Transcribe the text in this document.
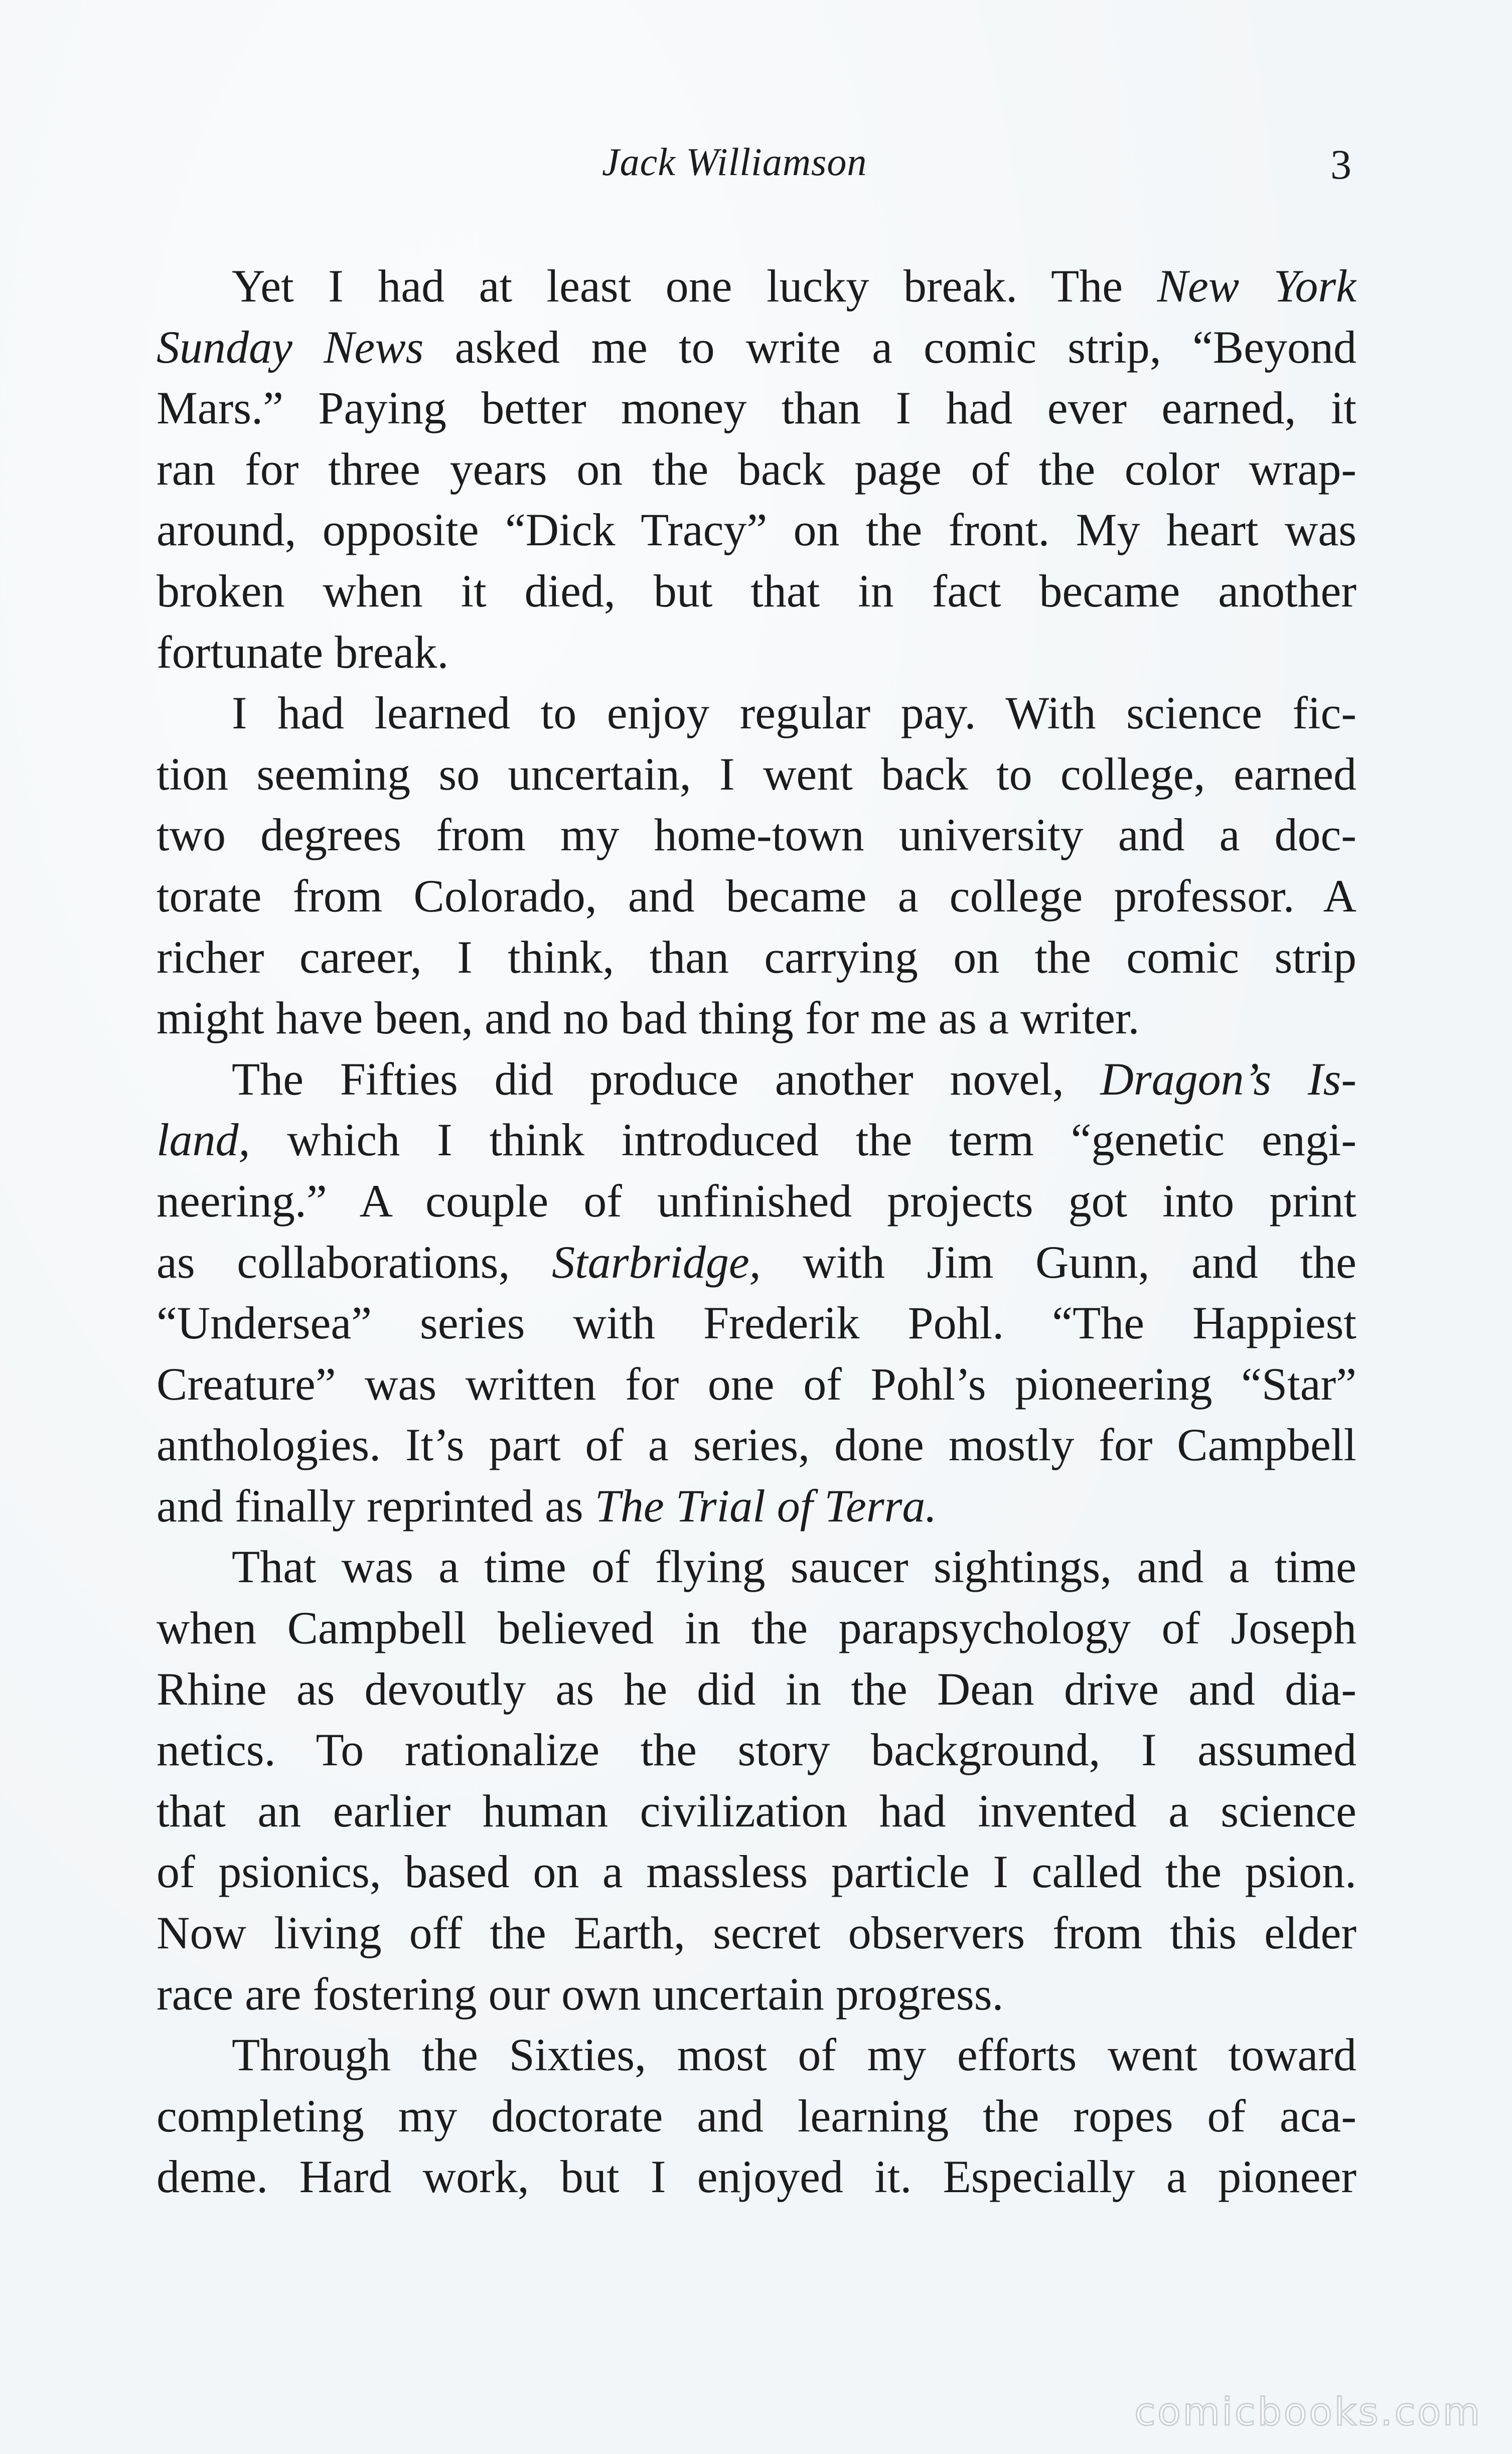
Jack Williamson	3
Yet I had at least one lucky break. The New York
Sunday News asked me to write a comic strip, “Beyond
Mars.” Paying better money than I had ever earned, it
ran for three years on the back page of the color wrap-
around, opposite “Dick Tracy” on the front. My heart was
broken when it died, but that in fact became another
fortunate break.
I had learned to enjoy regular pay. With science fic-
tion seeming so uncertain, I went back to college, earned
two degrees from my home-town university and a doc-
torate from Colorado, and became a college professor. A
richer career, I think, than carrying on the comic strip
might have been, and no bad thing for me as a writer.
The Fifties did produce another novel, Dragon’s Is-
land, which I think introduced the term “genetic engi-
neering.” A couple of unfinished projects got into print
as collaborations, Starbridge, with Jim Gunn, and the
“Undersea” series with Frederik Pohl. “The Happiest
Creature” was written for one of Pohl’s pioneering “Star”
anthologies. It’s part of a series, done mostly for Campbell
and finally reprinted as The Trial of Terra.
That was a time of flying saucer sightings, and a time
when Campbell believed in the parapsychology of Joseph
Rhine as devoutly as he did in the Dean drive and dia-
netics. To rationalize the story background, I assumed
that an earlier human civilization had invented a science
of psionics, based on a massless particle I called the psion.
Now living off the Earth, secret observers from this elder
race are fostering our own uncertain progress.
Through the Sixties, most of my efforts went toward
completing my doctorate and learning the ropes of aca-
deme. Hard work, but I enjoyed it. Especially a pioneer
comicbooks.com
